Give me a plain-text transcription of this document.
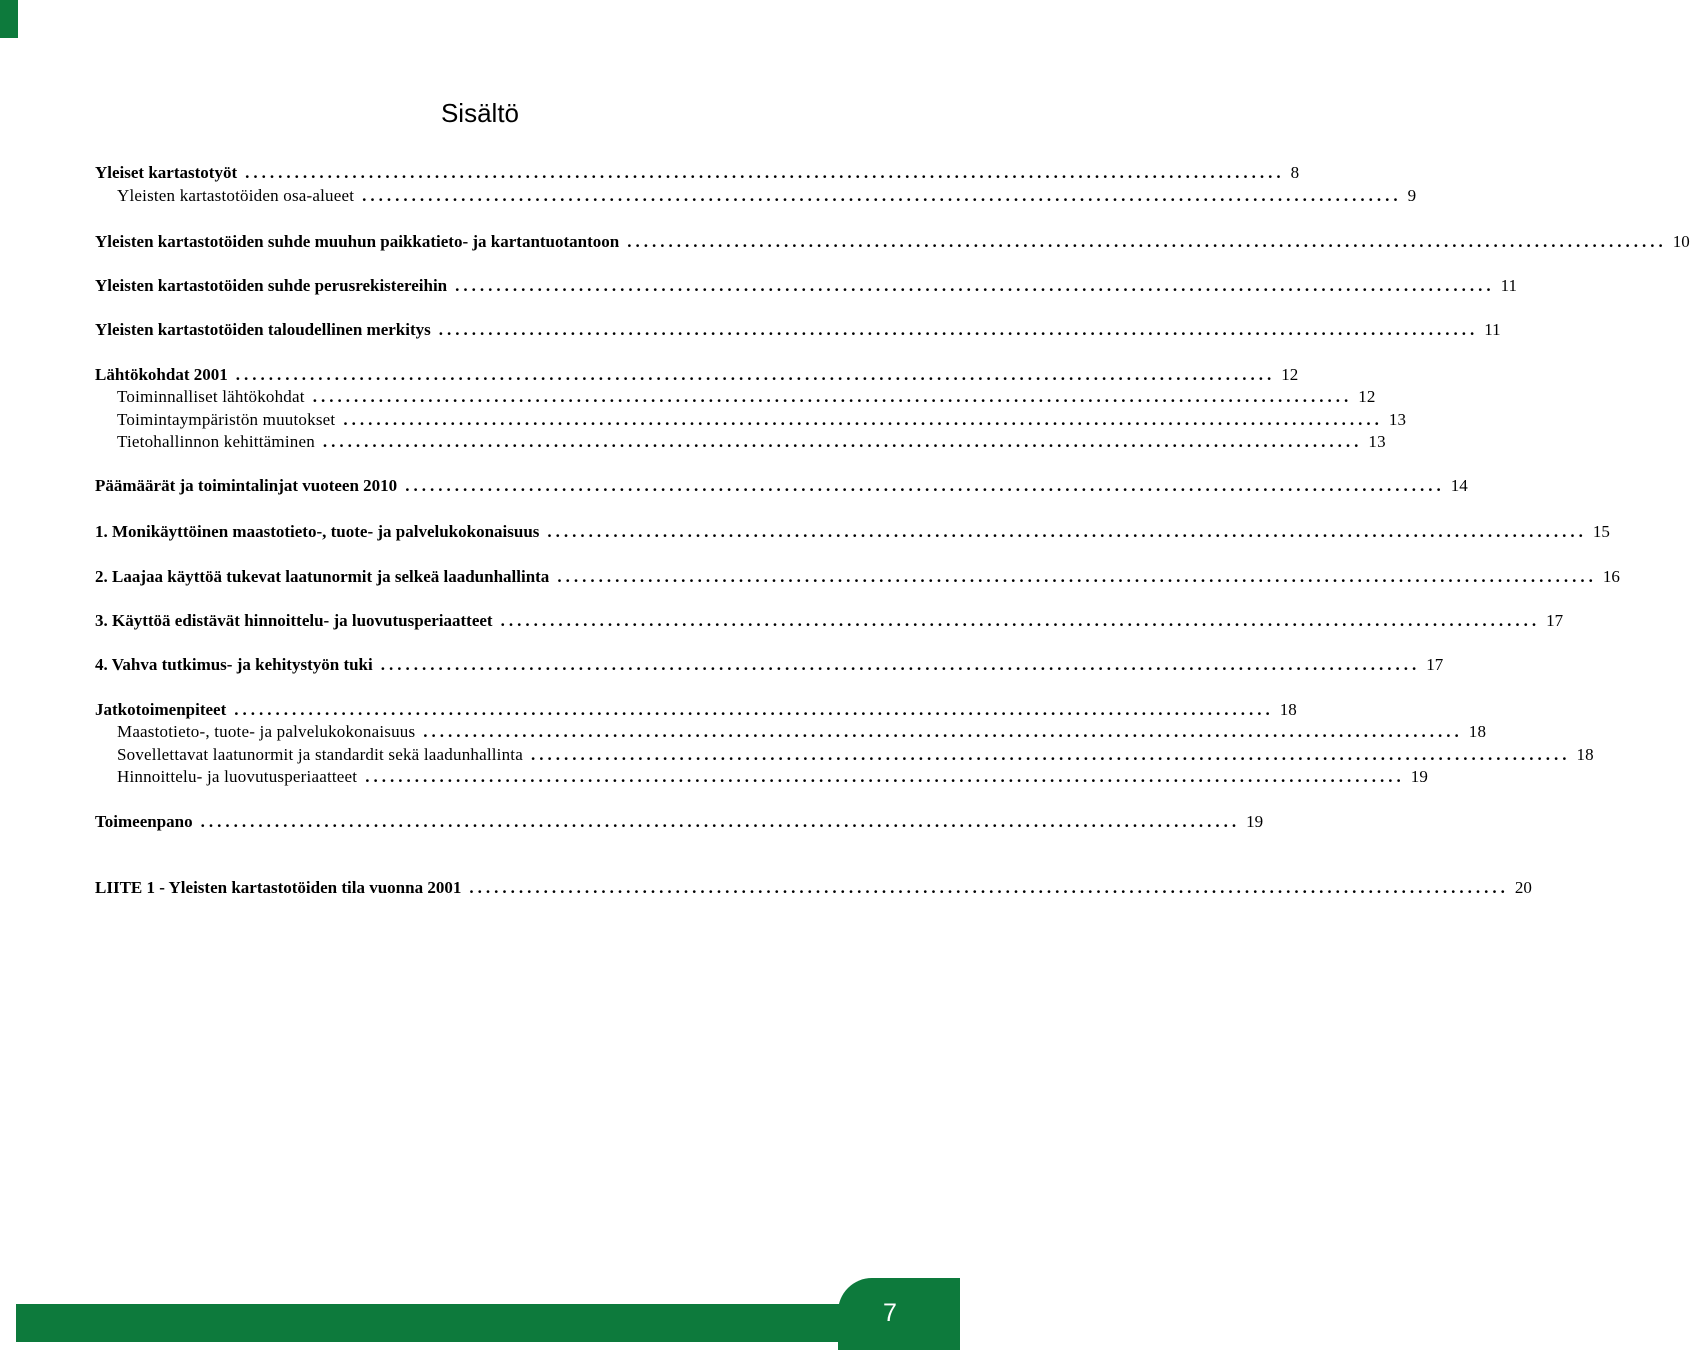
Sisältö
Yleiset kartastotyöt .............................................................................................................................. 8
Yleisten kartastotöiden osa-alueet .............................................................................................................................. 9
Yleisten kartastotöiden suhde muuhun paikkatieto- ja kartantuotantoon .............................................................................................................................. 10
Yleisten kartastotöiden suhde perusrekistereihin .............................................................................................................................. 11
Yleisten kartastotöiden taloudellinen merkitys .............................................................................................................................. 11
Lähtökohdat 2001 .............................................................................................................................. 12
Toiminnalliset lähtökohdat .............................................................................................................................. 12
Toimintaympäristön muutokset .............................................................................................................................. 13
Tietohallinnon kehittäminen .............................................................................................................................. 13
Päämäärät ja toimintalinjat vuoteen 2010 .............................................................................................................................. 14
1. Monikäyttöinen maastotieto-, tuote- ja palvelukokonaisuus .............................................................................................................................. 15
2. Laajaa käyttöä tukevat laatunormit ja selkeä laadunhallinta .............................................................................................................................. 16
3. Käyttöä edistävät hinnoittelu- ja luovutusperiaatteet .............................................................................................................................. 17
4. Vahva tutkimus- ja kehitystyön tuki .............................................................................................................................. 17
Jatkotoimenpiteet .............................................................................................................................. 18
Maastotieto-, tuote- ja palvelukokonaisuus .............................................................................................................................. 18
Sovellettavat laatunormit ja standardit sekä laadunhallinta .............................................................................................................................. 18
Hinnoittelu- ja luovutusperiaatteet .............................................................................................................................. 19
Toimeenpano .............................................................................................................................. 19
LIITE 1 - Yleisten kartastotöiden tila vuonna 2001 .............................................................................................................................. 20
7
